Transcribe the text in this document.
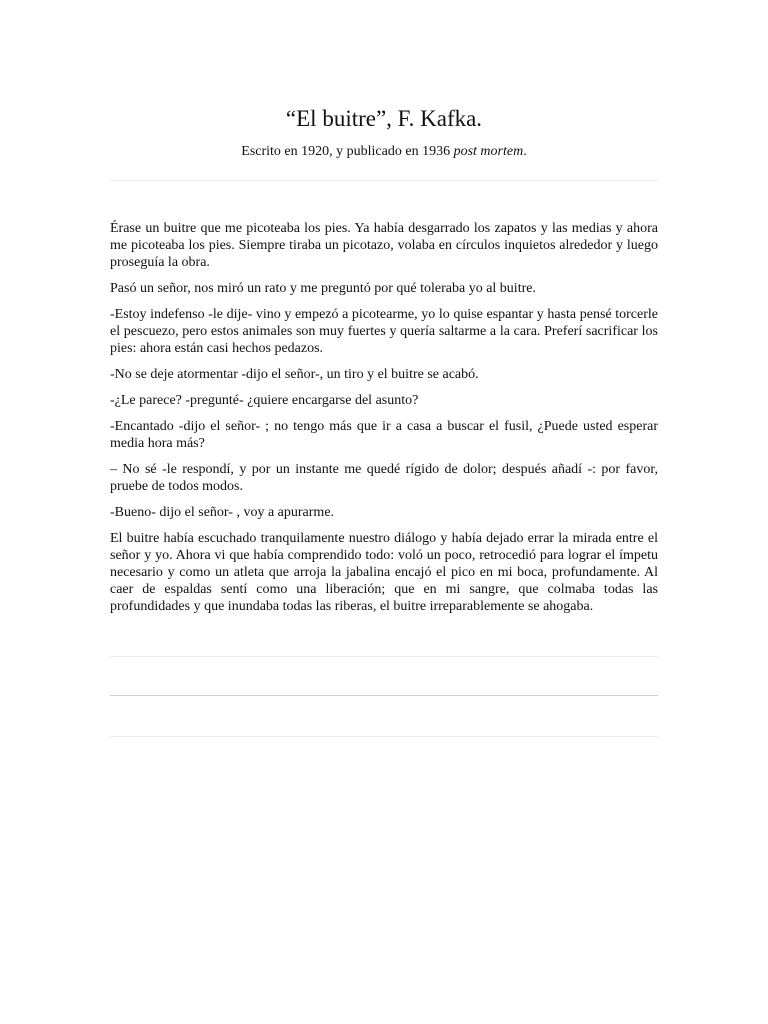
“El buitre”, F. Kafka.

Escrito en 1920, y publicado en 1936 post mortem.

Érase un buitre que me picoteaba los pies. Ya había desgarrado los zapatos y las medias y ahora me picoteaba los pies. Siempre tiraba un picotazo, volaba en círculos inquietos alrededor y luego proseguía la obra.

Pasó un señor, nos miró un rato y me preguntó por qué toleraba yo al buitre.

-Estoy indefenso -le dije- vino y empezó a picotearme, yo lo quise espantar y hasta pensé torcerle el pescuezo, pero estos animales son muy fuertes y quería saltarme a la cara. Preferí sacrificar los pies: ahora están casi hechos pedazos.

-No se deje atormentar -dijo el señor-, un tiro y el buitre se acabó.

-¿Le parece? -pregunté- ¿quiere encargarse del asunto?

-Encantado -dijo el señor- ; no tengo más que ir a casa a buscar el fusil, ¿Puede usted esperar media hora más?

– No sé -le respondí, y por un instante me quedé rígido de dolor; después añadí -: por favor, pruebe de todos modos.

-Bueno- dijo el señor- , voy a apurarme.

El buitre había escuchado tranquilamente nuestro diálogo y había dejado errar la mirada entre el señor y yo. Ahora vi que había comprendido todo: voló un poco, retrocedió para lograr el ímpetu necesario y como un atleta que arroja la jabalina encajó el pico en mi boca, profundamente. Al caer de espaldas sentí como una liberación; que en mi sangre, que colmaba todas las profundidades y que inundaba todas las riberas, el buitre irreparablemente se ahogaba.
